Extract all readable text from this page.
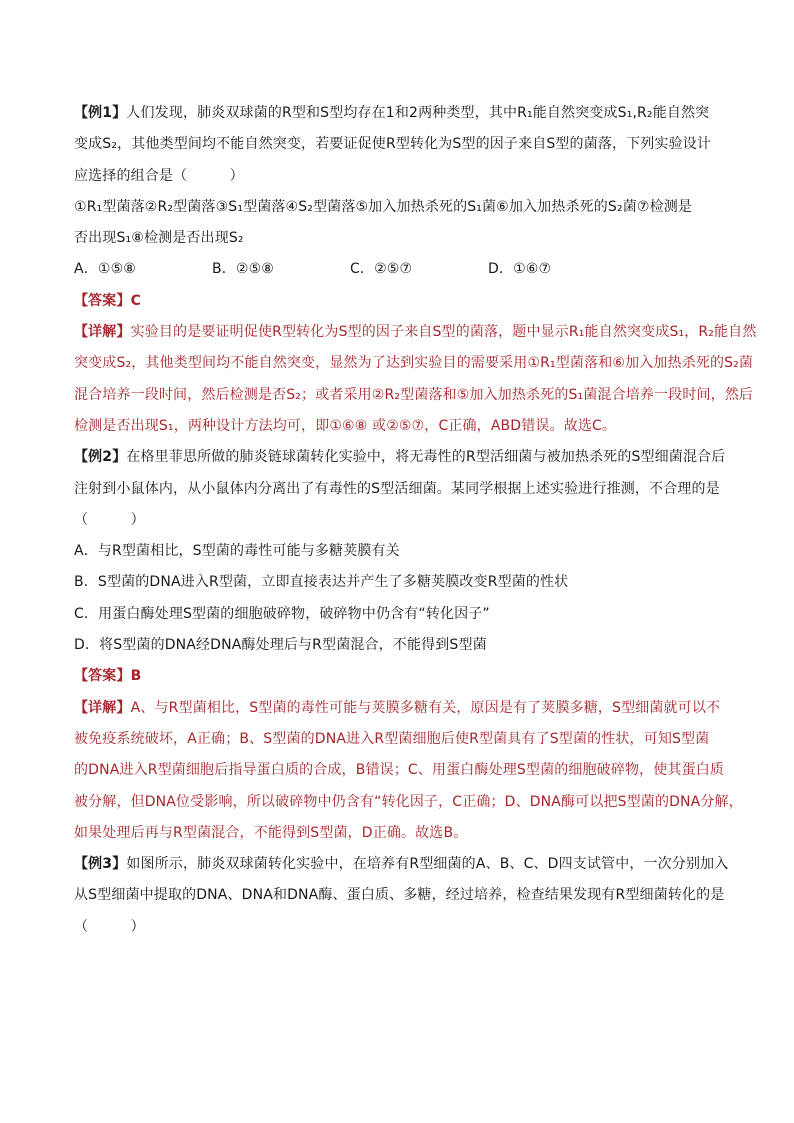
【例1】人们发现，肺炎双球菌的R型和S型均存在1和2两种类型，其中R₁能自然突变成S₁,R₂能自然突
变成S₂，其他类型间均不能自然突变，若要证促使R型转化为S型的因子来自S型的菌落，下列实验设计
应选择的组合是（　　　）
①R₁型菌落②R₂型菌落③S₁型菌落④S₂型菌落⑤加入加热杀死的S₁菌⑥加入加热杀死的S₂菌⑦检测是
否出现S₁⑧检测是否出现S₂
A．①⑤⑧	B．②⑤⑧	C．②⑤⑦	D．①⑥⑦
【答案】C
【详解】实验目的是要证明促使R型转化为S型的因子来自S型的菌落，题中显示R₁能自然突变成S₁，R₂能自然
突变成S₂，其他类型间均不能自然突变，显然为了达到实验目的需要采用①R₁型菌落和⑥加入加热杀死的S₂菌
混合培养一段时间，然后检测是否S₂；或者采用②R₂型菌落和⑤加入加热杀死的S₁菌混合培养一段时间，然后
检测是否出现S₁，两种设计方法均可，即①⑥⑧ 或②⑤⑦，C正确，ABD错误。故选C。
【例2】在格里菲思所做的肺炎链球菌转化实验中，将无毒性的R型活细菌与被加热杀死的S型细菌混合后
注射到小鼠体内，从小鼠体内分离出了有毒性的S型活细菌。某同学根据上述实验进行推测，不合理的是
（　　　）
A．与R型菌相比，S型菌的毒性可能与多糖荚膜有关
B．S型菌的DNA进入R型菌，立即直接表达并产生了多糖荚膜改变R型菌的性状
C．用蛋白酶处理S型菌的细胞破碎物，破碎物中仍含有“转化因子”
D．将S型菌的DNA经DNA酶处理后与R型菌混合，不能得到S型菌
【答案】B
【详解】A、与R型菌相比，S型菌的毒性可能与荚膜多糖有关，原因是有了荚膜多糖，S型细菌就可以不
被免疫系统破坏，A正确；B、S型菌的DNA进入R型菌细胞后使R型菌具有了S型菌的性状，可知S型菌
的DNA进入R型菌细胞后指导蛋白质的合成，B错误；C、用蛋白酶处理S型菌的细胞破碎物，使其蛋白质
被分解，但DNA位受影响，所以破碎物中仍含有“转化因子，C正确；D、DNA酶可以把S型菌的DNA分解，
如果处理后再与R型菌混合，不能得到S型菌，D正确。故选B。
【例3】如图所示，肺炎双球菌转化实验中，在培养有R型细菌的A、B、C、D四支试管中，一次分别加入
从S型细菌中提取的DNA、DNA和DNA酶、蛋白质、多糖，经过培养，检查结果发现有R型细菌转化的是
（　　　）
